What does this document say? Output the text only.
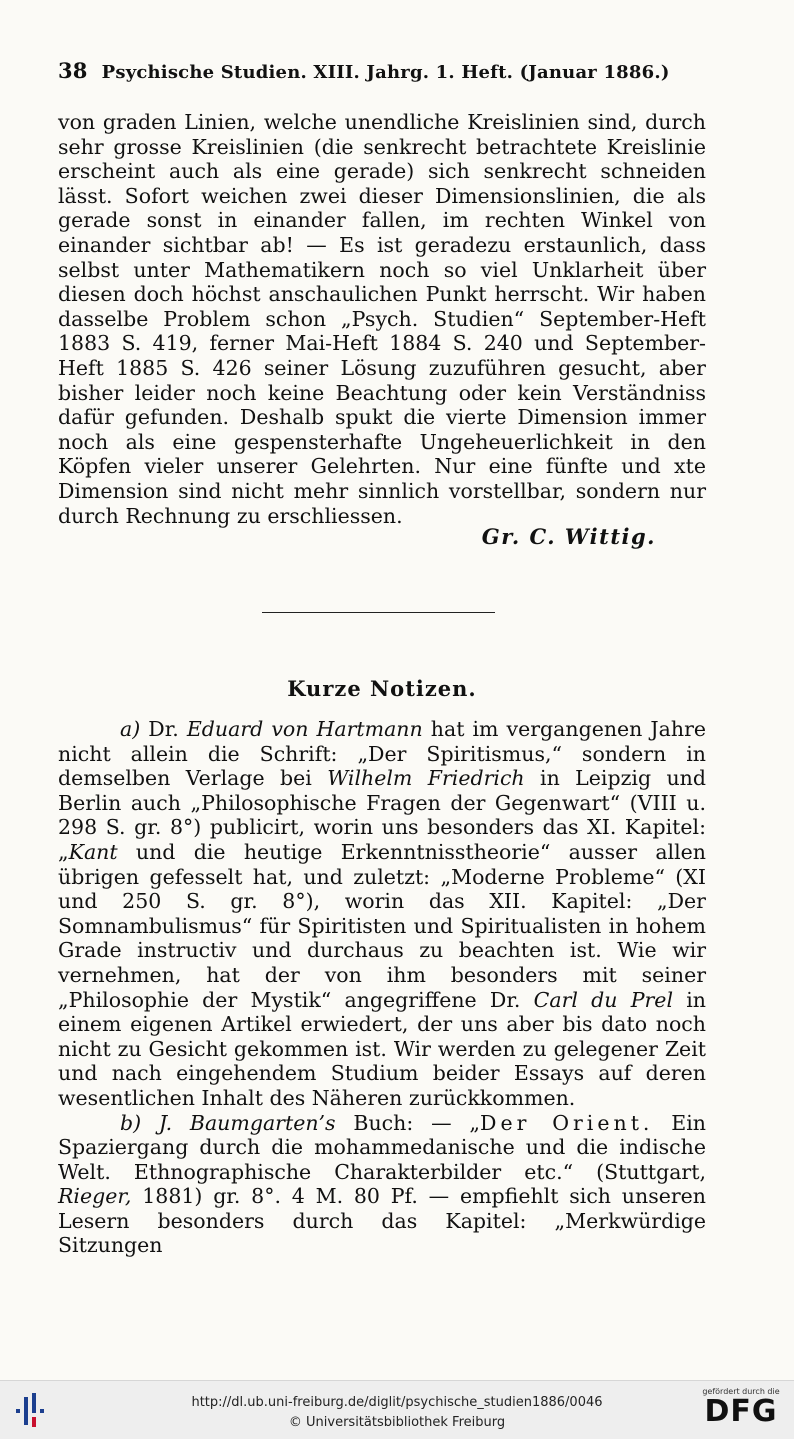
38 Psychische Studien. XIII. Jahrg. 1. Heft. (Januar 1886.)

von graden Linien, welche unendliche Kreislinien sind, durch sehr grosse Kreislinien (die senkrecht betrachtete Kreislinie erscheint auch als eine gerade) sich senkrecht schneiden lässt. Sofort weichen zwei dieser Dimensionslinien, die als gerade sonst in einander fallen, im rechten Winkel von einander sichtbar ab! — Es ist geradezu erstaunlich, dass selbst unter Mathematikern noch so viel Unklarheit über diesen doch höchst anschaulichen Punkt herrscht. Wir haben dasselbe Problem schon „Psych. Studien“ September-Heft 1883 S. 419, ferner Mai-Heft 1884 S. 240 und September-Heft 1885 S. 426 seiner Lösung zuzuführen gesucht, aber bisher leider noch keine Beachtung oder kein Verständniss dafür gefunden. Deshalb spukt die vierte Dimension immer noch als eine gespensterhafte Ungeheuerlichkeit in den Köpfen vieler unserer Gelehrten. Nur eine fünfte und xte Dimension sind nicht mehr sinnlich vorstellbar, sondern nur durch Rechnung zu erschliessen.

Gr. C. Wittig.
Kurze Notizen.

a) Dr. Eduard von Hartmann hat im vergangenen Jahre nicht allein die Schrift: „Der Spiritismus,“ sondern in demselben Verlage bei Wilhelm Friedrich in Leipzig und Berlin auch „Philosophische Fragen der Gegenwart“ (VIII u. 298 S. gr. 8°) publicirt, worin uns besonders das XI. Kapitel: „Kant und die heutige Erkenntnisstheorie“ ausser allen übrigen gefesselt hat, und zuletzt: „Moderne Probleme“ (XI und 250 S. gr. 8°), worin das XII. Kapitel: „Der Somnambulismus“ für Spiritisten und Spiritualisten in hohem Grade instructiv und durchaus zu beachten ist. Wie wir vernehmen, hat der von ihm besonders mit seiner „Philosophie der Mystik“ angegriffene Dr. Carl du Prel in einem eigenen Artikel erwiedert, der uns aber bis dato noch nicht zu Gesicht gekommen ist. Wir werden zu gelegener Zeit und nach eingehendem Studium beider Essays auf deren wesentlichen Inhalt des Näheren zurückkommen.

b) J. Baumgarten’s Buch: — „Der Orient. Ein Spaziergang durch die mohammedanische und die indische Welt. Ethnographische Charakterbilder etc.“ (Stuttgart, Rieger, 1881) gr. 8°. 4 M. 80 Pf. — empfiehlt sich unseren Lesern besonders durch das Kapitel: „Merkwürdige Sitzungen

http://dl.ub.uni-freiburg.de/diglit/psychische_studien1886/0046
© Universitätsbibliothek Freiburg
gefördert durch die
DFG
